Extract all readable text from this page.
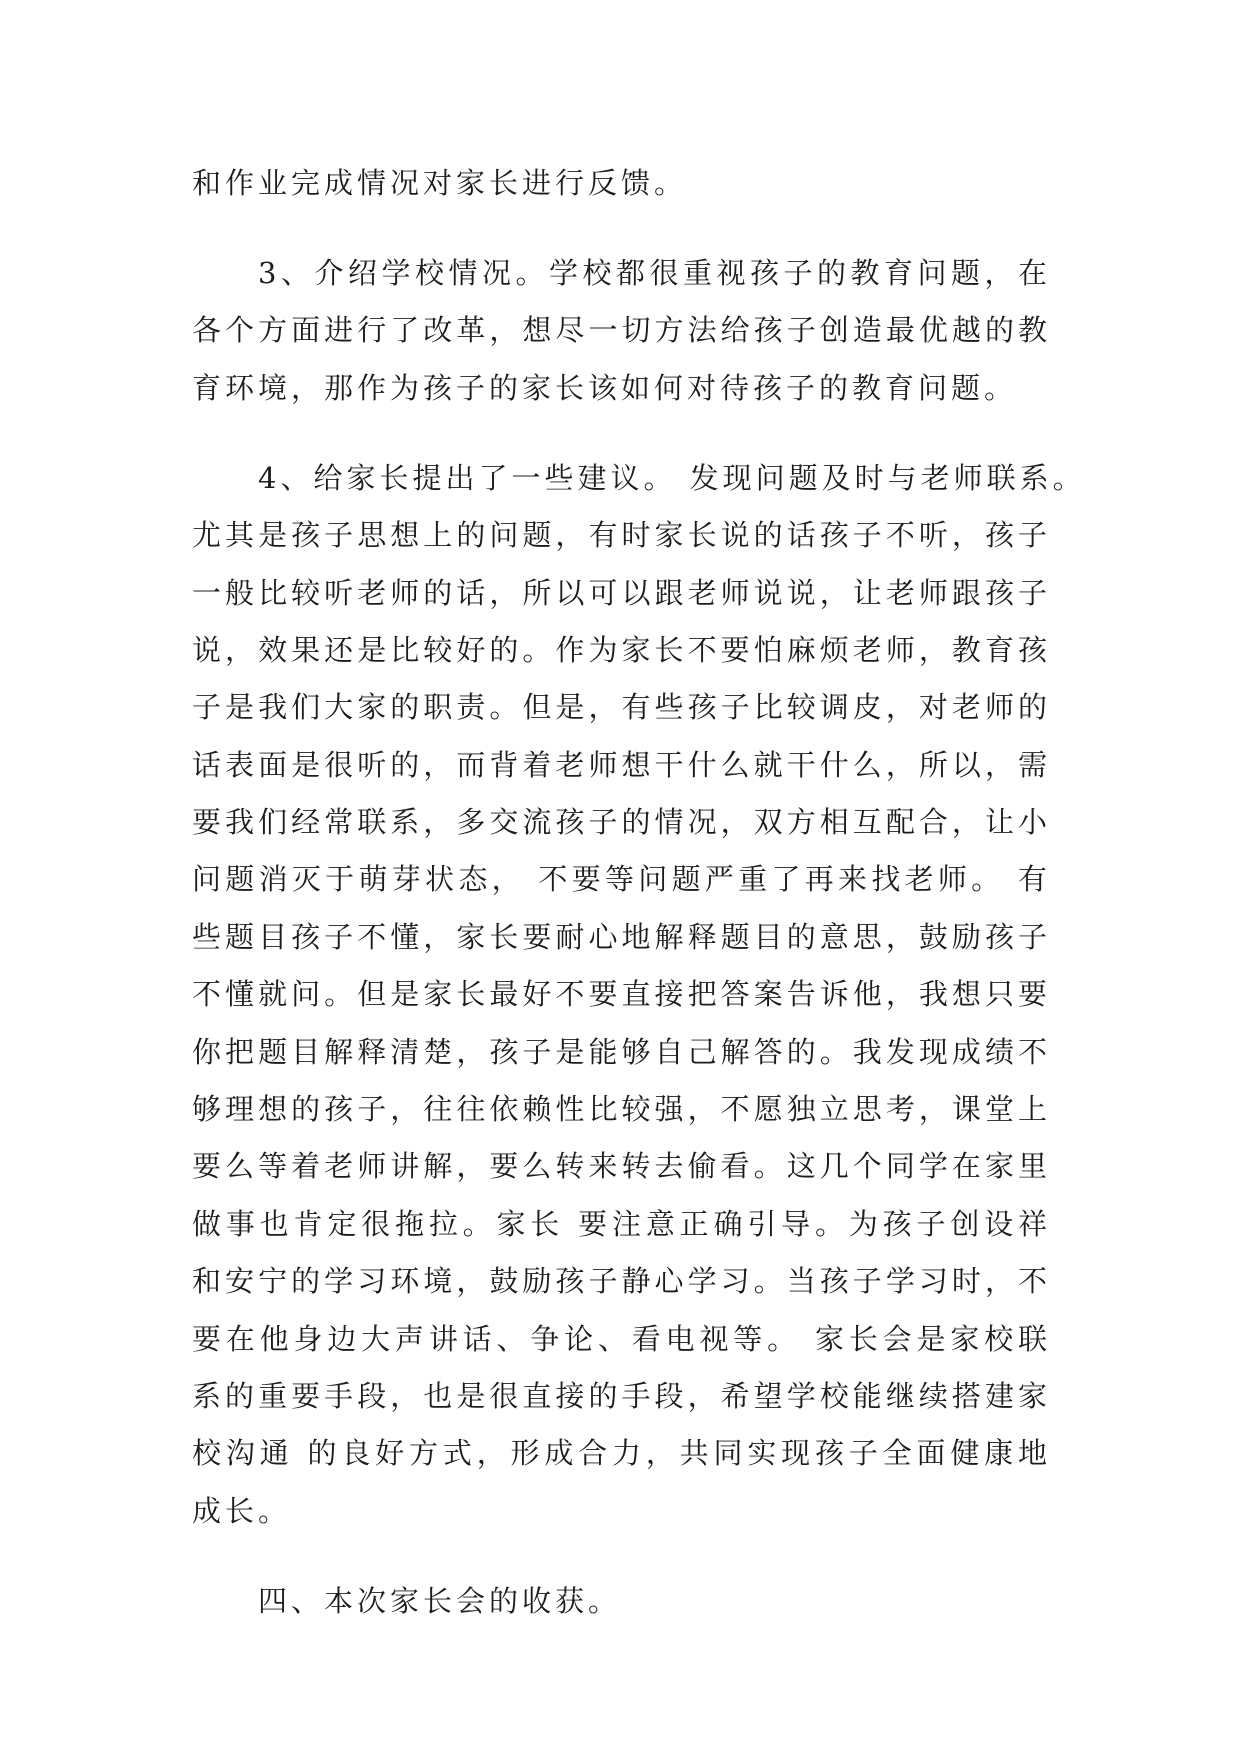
和作业完成情况对家长进行反馈。
3、介绍学校情况。学校都很重视孩子的教育问题，在
各个方面进行了改革，想尽一切方法给孩子创造最优越的教
育环境，那作为孩子的家长该如何对待孩子的教育问题。
4、给家长提出了一些建议。 发现问题及时与老师联系。
尤其是孩子思想上的问题，有时家长说的话孩子不听，孩子
一般比较听老师的话，所以可以跟老师说说，让老师跟孩子
说，效果还是比较好的。作为家长不要怕麻烦老师，教育孩
子是我们大家的职责。但是，有些孩子比较调皮，对老师的
话表面是很听的，而背着老师想干什么就干什么，所以，需
要我们经常联系，多交流孩子的情况，双方相互配合，让小
问题消灭于萌芽状态， 不要等问题严重了再来找老师。 有
些题目孩子不懂，家长要耐心地解释题目的意思，鼓励孩子
不懂就问。但是家长最好不要直接把答案告诉他，我想只要
你把题目解释清楚，孩子是能够自己解答的。我发现成绩不
够理想的孩子，往往依赖性比较强，不愿独立思考，课堂上
要么等着老师讲解，要么转来转去偷看。这几个同学在家里
做事也肯定很拖拉。家长 要注意正确引导。为孩子创设祥
和安宁的学习环境，鼓励孩子静心学习。当孩子学习时，不
要在他身边大声讲话、争论、看电视等。 家长会是家校联
系的重要手段，也是很直接的手段，希望学校能继续搭建家
校沟通 的良好方式，形成合力，共同实现孩子全面健康地
成长。
四、本次家长会的收获。
